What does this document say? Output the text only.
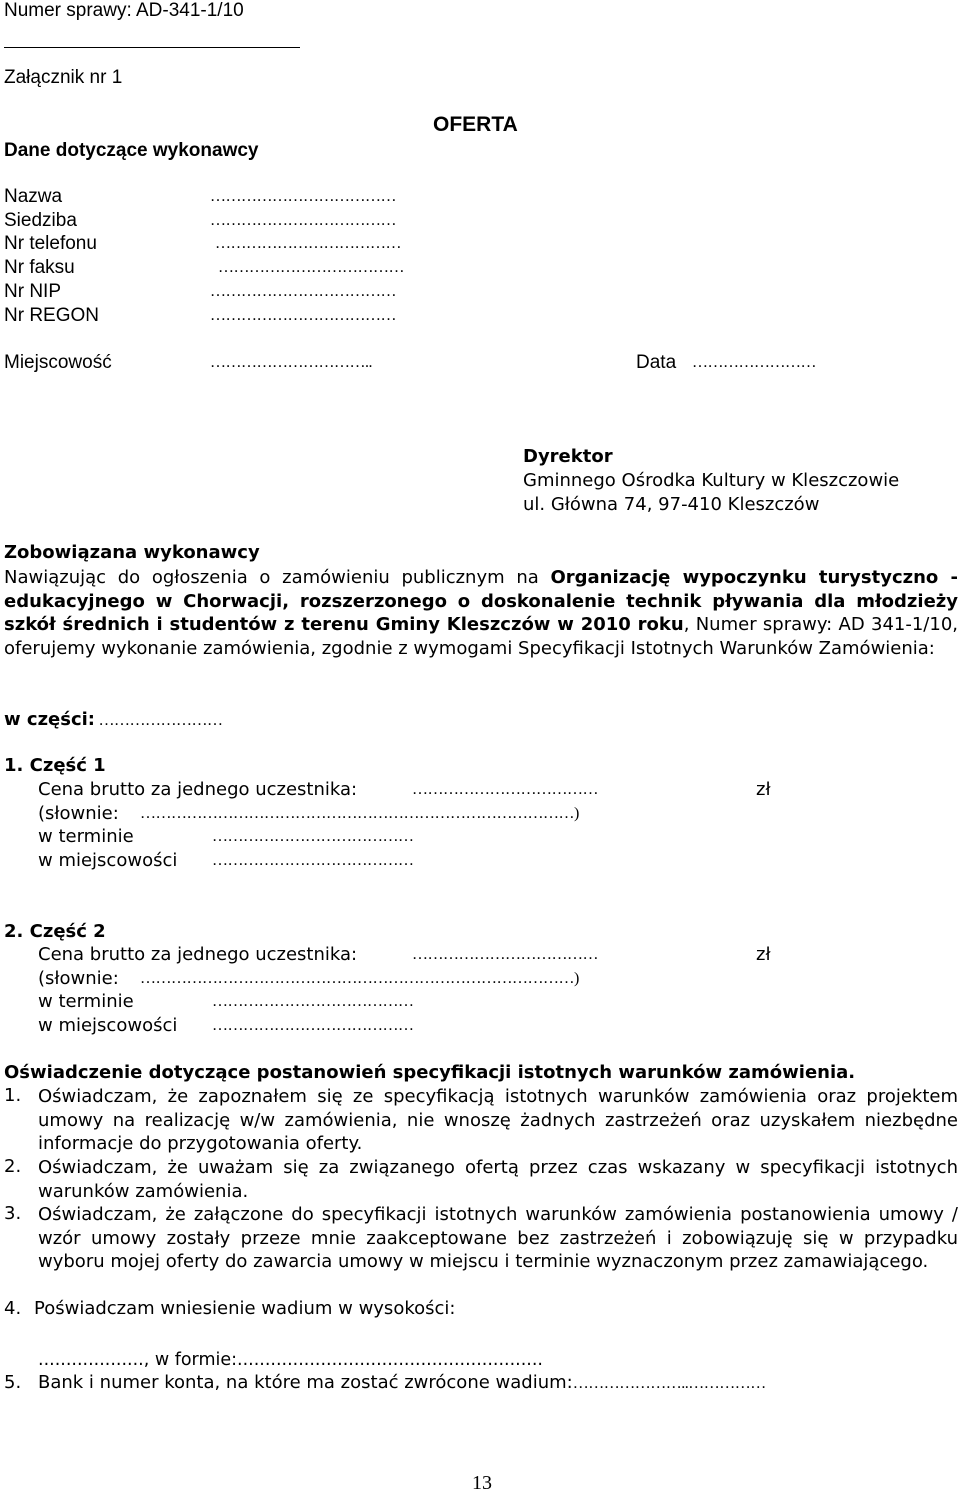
Numer sprawy: AD-341-1/10
Załącznik nr 1
OFERTA
Dane dotyczące wykonawcy
Nazwa	………………………………
Siedziba	………………………………
Nr telefonu	………………………………
Nr faksu	………………………………
Nr NIP	………………………………
Nr REGON	………………………………
Miejscowość	…………………………..	Data ……………………
Dyrektor
Gminnego Ośrodka Kultury w Kleszczowie
ul. Główna 74, 97-410 Kleszczów
Zobowiązana wykonawcy
Nawiązując do ogłoszenia o zamówieniu publicznym na Organizację wypoczynku turystyczno - edukacyjnego w Chorwacji, rozszerzonego o doskonalenie technik pływania dla młodzieży szkół średnich i studentów z terenu Gminy Kleszczów w 2010 roku, Numer sprawy: AD 341-1/10, oferujemy wykonanie zamówienia, zgodnie z wymogami Specyfikacji Istotnych Warunków Zamówienia:
w części: ……………………
1. Część 1
Cena brutto za jednego uczestnika:	………………………………	zł
(słownie: …………………………………………………………………………)
w terminie	…………………………………
w miejscowości …………………………………
2. Część 2
Cena brutto za jednego uczestnika:	………………………………	zł
(słownie: …………………………………………………………………………)
w terminie	…………………………………
w miejscowości …………………………………
Oświadczenie dotyczące postanowień specyfikacji istotnych warunków zamówienia.
1. Oświadczam, że zapoznałem się ze specyfikacją istotnych warunków zamówienia oraz projektem umowy na realizację w/w zamówienia, nie wnoszę żadnych zastrzeżeń oraz uzyskałem niezbędne informacje do przygotowania oferty.
2. Oświadczam, że uważam się za związanego ofertą przez czas wskazany w specyfikacji istotnych warunków zamówienia.
3. Oświadczam, że załączone do specyfikacji istotnych warunków zamówienia postanowienia umowy / wzór umowy zostały przeze mnie zaakceptowane bez zastrzeżeń i zobowiązuję się w przypadku wyboru mojej oferty do zawarcia umowy w miejscu i terminie wyznaczonym przez zamawiającego.
4. Poświadczam wniesienie wadium w wysokości:
..................., w formie:.......................................................
5. Bank i numer konta, na które ma zostać zwrócone wadium:…………………..……………
13
